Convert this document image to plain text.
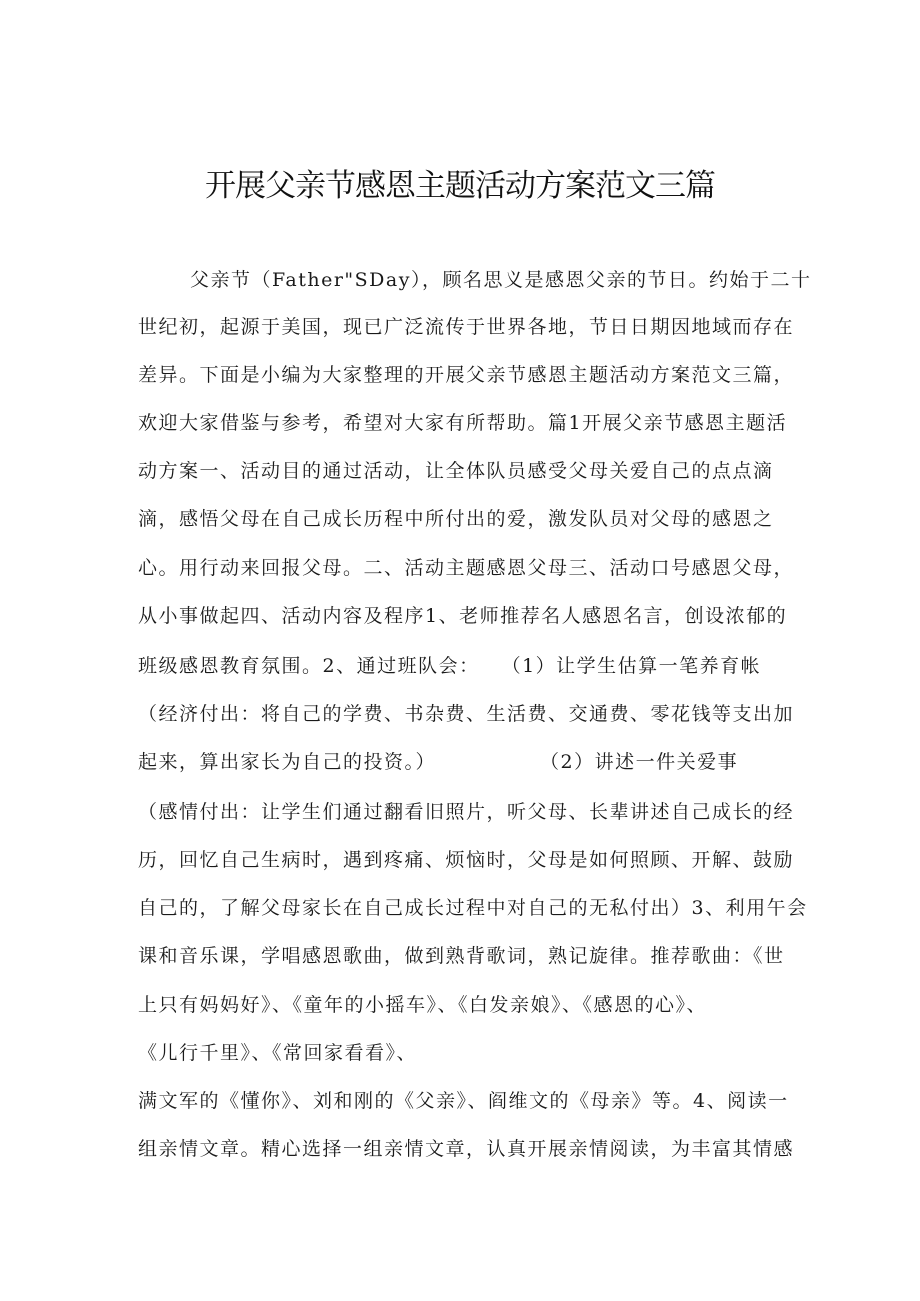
开展父亲节感恩主题活动方案范文三篇
父亲节（Father"SDay），顾名思义是感恩父亲的节日。约始于二十
世纪初，起源于美国，现已广泛流传于世界各地，节日日期因地域而存在
差异。下面是小编为大家整理的开展父亲节感恩主题活动方案范文三篇，
欢迎大家借鉴与参考，希望对大家有所帮助。篇1开展父亲节感恩主题活
动方案一、活动目的通过活动，让全体队员感受父母关爱自己的点点滴
滴，感悟父母在自己成长历程中所付出的爱，激发队员对父母的感恩之
心。用行动来回报父母。二、活动主题感恩父母三、活动口号感恩父母，
从小事做起四、活动内容及程序1、老师推荐名人感恩名言，创设浓郁的
班级感恩教育氛围。2、通过班队会：　　（1）让学生估算一笔养育帐
（经济付出：将自己的学费、书杂费、生活费、交通费、零花钱等支出加
起来，算出家长为自己的投资。）　　　　　　（2）讲述一件关爱事
（感情付出：让学生们通过翻看旧照片，听父母、长辈讲述自己成长的经
历，回忆自己生病时，遇到疼痛、烦恼时，父母是如何照顾、开解、鼓励
自己的，了解父母家长在自己成长过程中对自己的无私付出）3、利用午会
课和音乐课，学唱感恩歌曲，做到熟背歌词，熟记旋律。推荐歌曲：《世
上只有妈妈好》、《童年的小摇车》、《白发亲娘》、《感恩的心》、
《儿行千里》、《常回家看看》、
满文军的《懂你》、刘和刚的《父亲》、阎维文的《母亲》等。4、阅读一
组亲情文章。精心选择一组亲情文章，认真开展亲情阅读，为丰富其情感
